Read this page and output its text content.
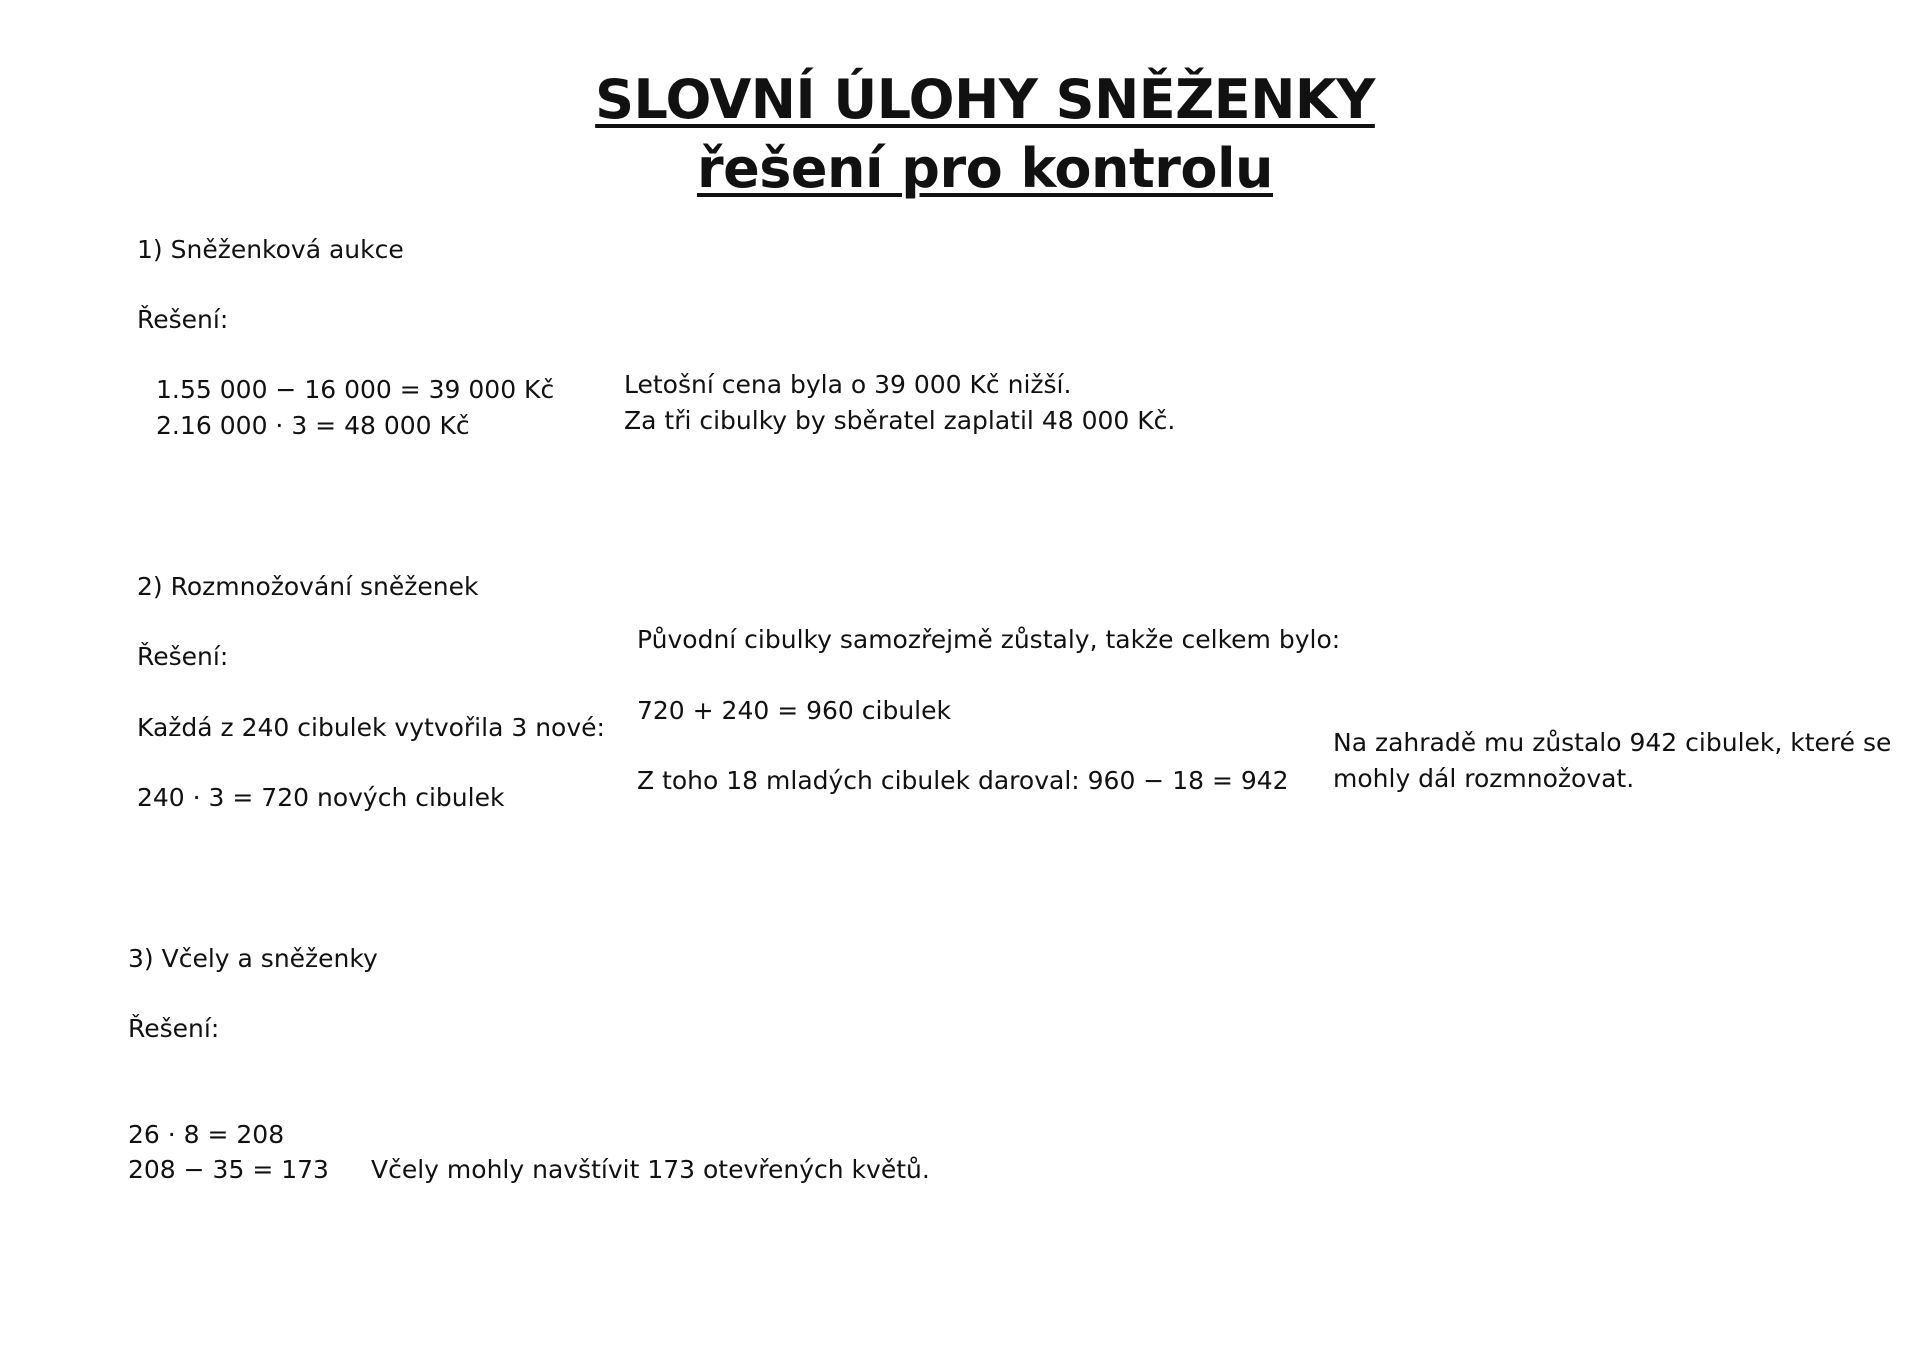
SLOVNÍ ÚLOHY SNĚŽENKY
řešení pro kontrolu

1) Sněženková aukce

Řešení:

1.55 000 − 16 000 = 39 000 Kč
2.16 000 · 3 = 48 000 Kč

Letošní cena byla o 39 000 Kč nižší.

Za tři cibulky by sběratel zaplatil 48 000 Kč.

2) Rozmnožování sněženek

Řešení:

Každá z 240 cibulek vytvořila 3 nové:

240 · 3 = 720 nových cibulek

Původní cibulky samozřejmě zůstaly, takže celkem bylo:

720 + 240 = 960 cibulek

Z toho 18 mladých cibulek daroval: 960 − 18 = 942

Na zahradě mu zůstalo 942 cibulek, které se

mohly dál rozmnožovat.

3) Včely a sněženky

Řešení:

26 · 8 = 208

208 − 35 = 173 Včely mohly navštívit 173 otevřených květů.
